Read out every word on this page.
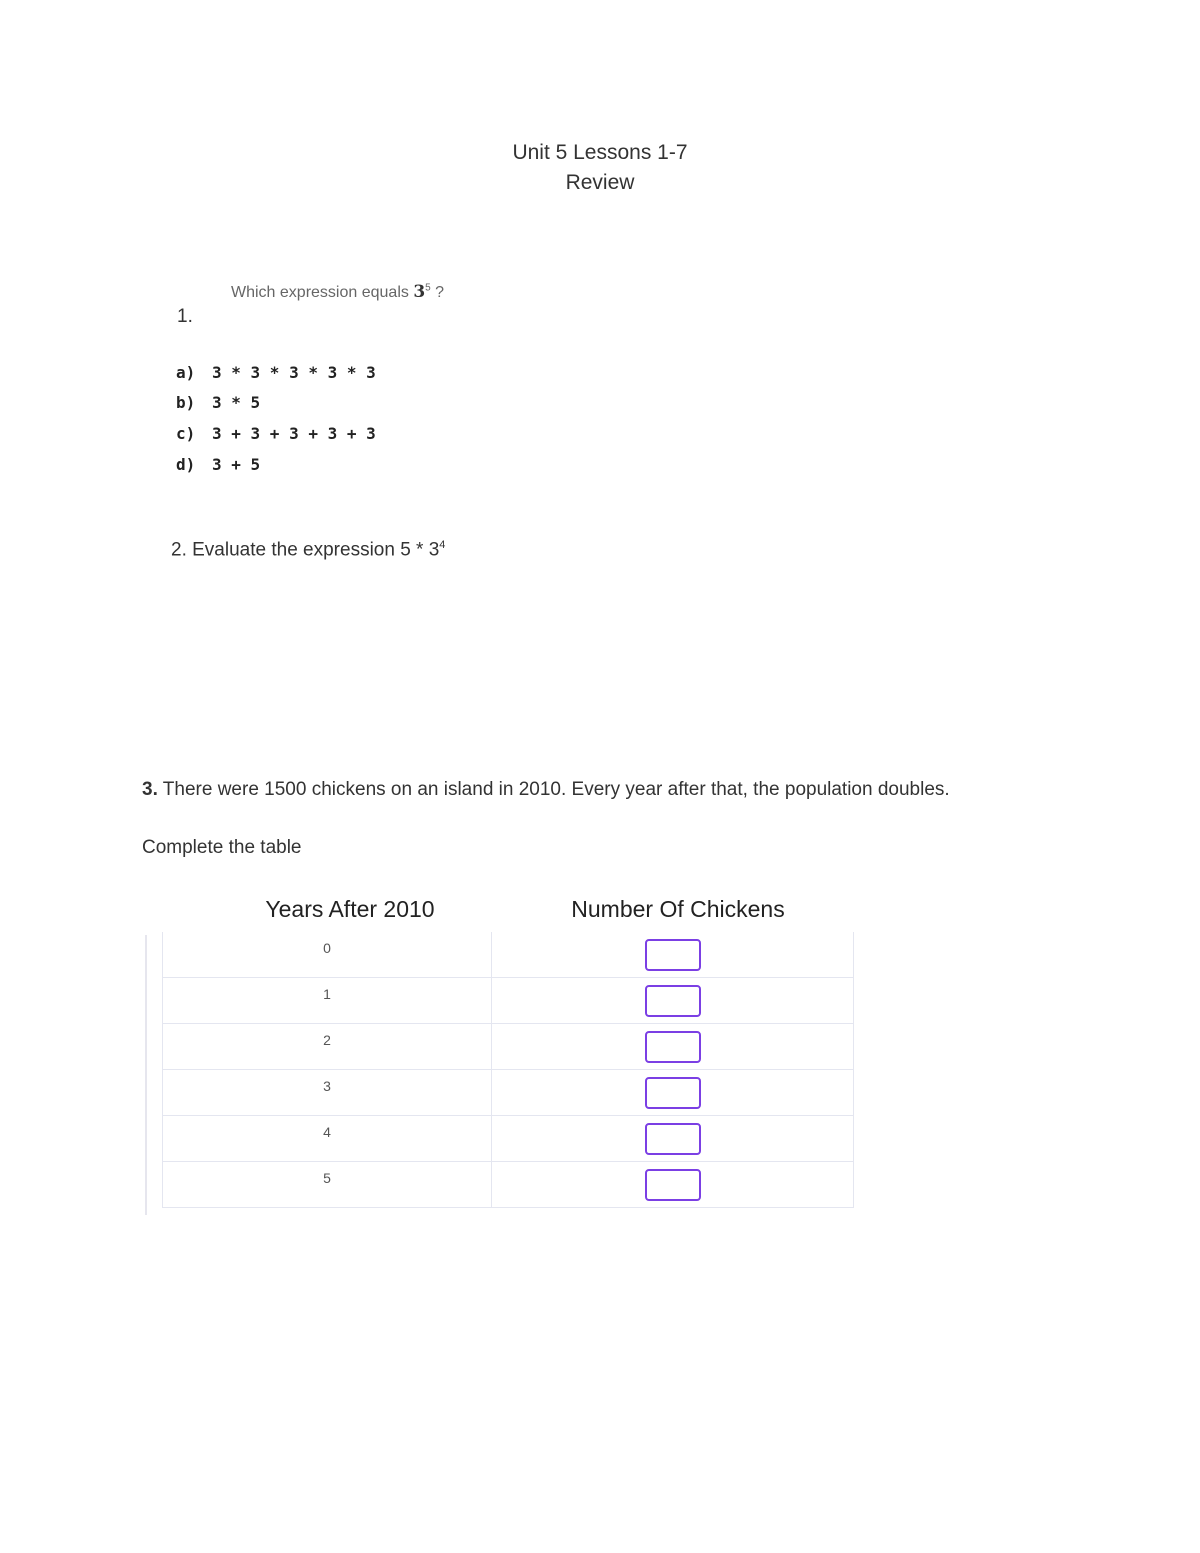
Unit 5 Lessons 1-7
Review
Which expression equals $3^5$ ?
1.
a) 3 * 3 * 3 * 3 * 3
b) 3 * 5
c) 3 + 3 + 3 + 3 + 3
d) 3 + 5
2. Evaluate the expression $5 * 3^4$
3. There were 1500 chickens on an island in 2010. Every year after that, the population doubles.
Complete the table
Years After 2010	Number Of Chickens
0	
1	
2	
3	
4	
5	
